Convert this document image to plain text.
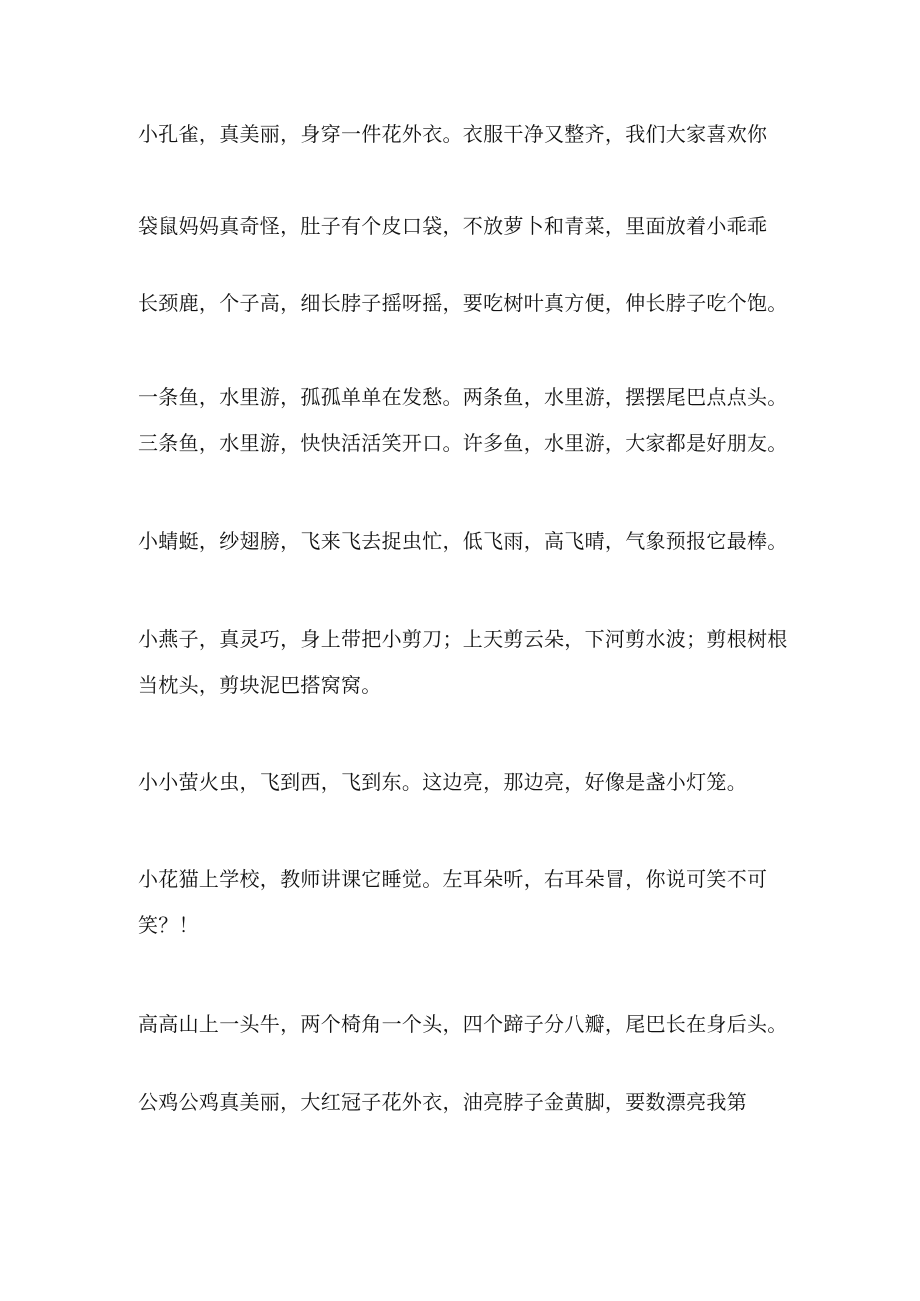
小孔雀，真美丽，身穿一件花外衣。衣服干净又整齐，我们大家喜欢你
袋鼠妈妈真奇怪，肚子有个皮口袋，不放萝卜和青菜，里面放着小乖乖
长颈鹿，个子高，细长脖子摇呀摇，要吃树叶真方便，伸长脖子吃个饱。
一条鱼，水里游，孤孤单单在发愁。两条鱼，水里游，摆摆尾巴点点头。
三条鱼，水里游，快快活活笑开口。许多鱼，水里游，大家都是好朋友。
小蜻蜓，纱翅膀，飞来飞去捉虫忙，低飞雨，高飞晴，气象预报它最棒。
小燕子，真灵巧，身上带把小剪刀；上天剪云朵，下河剪水波；剪根树根
当枕头，剪块泥巴搭窝窝。
小小萤火虫，飞到西，飞到东。这边亮，那边亮，好像是盏小灯笼。
小花猫上学校，教师讲课它睡觉。左耳朵听，右耳朵冒，你说可笑不可
笑？！
高高山上一头牛，两个椅角一个头，四个蹄子分八瓣，尾巴长在身后头。
公鸡公鸡真美丽，大红冠子花外衣，油亮脖子金黄脚，要数漂亮我第
